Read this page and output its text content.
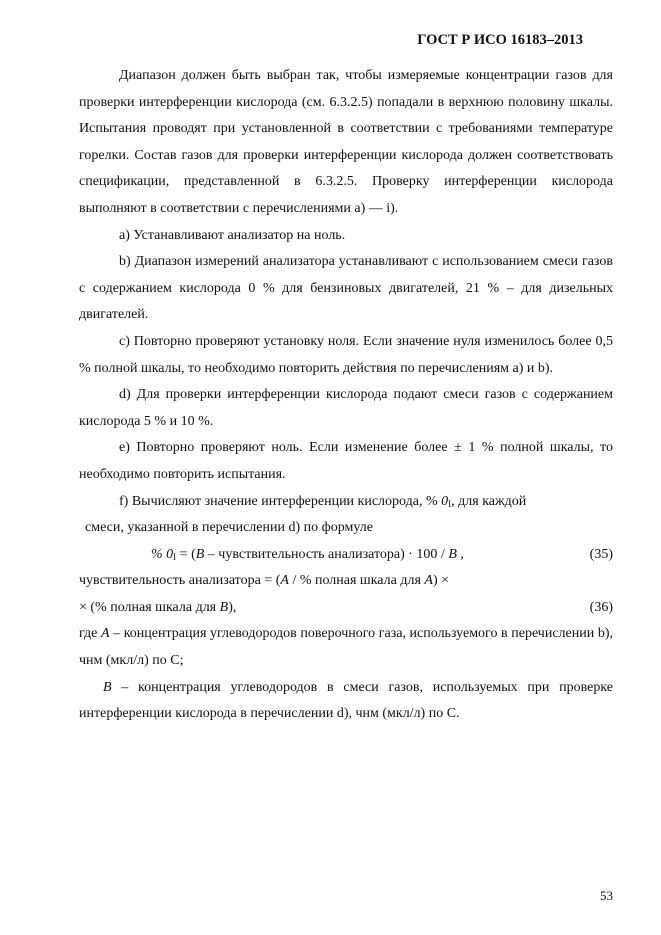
ГОСТ Р ИСО 16183–2013

Диапазон должен быть выбран так, чтобы измеряемые концентрации газов для проверки интерференции кислорода (см. 6.3.2.5) попадали в верхнюю половину шкалы. Испытания проводят при установленной в соответствии с требованиями температуре горелки. Состав газов для проверки интерференции кислорода должен соответствовать спецификации, представленной в 6.3.2.5. Проверку интерференции кислорода выполняют в соответствии с перечислениями а) — i).

a) Устанавливают анализатор на ноль.

b) Диапазон измерений анализатора устанавливают с использованием смеси газов с содержанием кислорода 0 % для бензиновых двигателей, 21 % – для дизельных двигателей.

c) Повторно проверяют установку ноля. Если значение нуля изменилось более 0,5 % полной шкалы, то необходимо повторить действия по перечислениям а) и b).

d) Для проверки интерференции кислорода подают смеси газов с содержанием кислорода 5 % и 10 %.

e) Повторно проверяют ноль. Если изменение более ± 1 % полной шкалы, то необходимо повторить испытания.

f) Вычисляют значение интерференции кислорода, % $0_I$, для каждой

смеси, указанной в перечислении d) по формуле

% $0_I = (B$ – чувствительность анализатора) · 100 / B ,	(35)
чувствительность анализатора = (A / % полная шкала для A) ×
× (% полная шкала для B),	(36)

где A – концентрация углеводородов поверочного газа, используемого в перечислении b), чнм (мкл/л) по С;

B – концентрация углеводородов в смеси газов, используемых при проверке интерференции кислорода в перечислении d), чнм (мкл/л) по С.

53
